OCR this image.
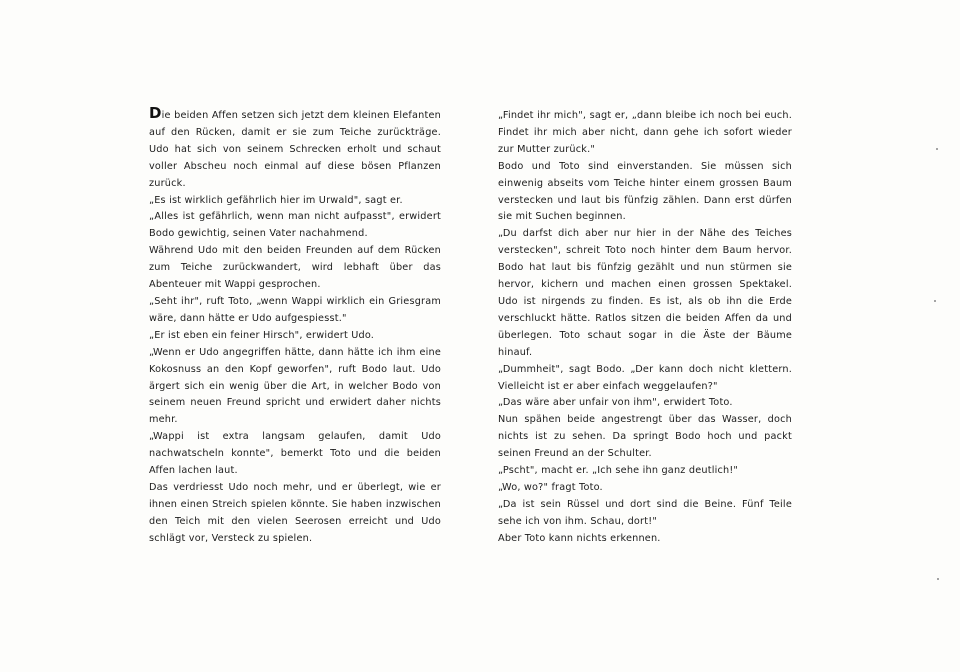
Die beiden Affen setzen sich jetzt dem kleinen Elefanten auf den Rücken, damit er sie zum Teiche zurückträge. Udo hat sich von seinem Schrecken erholt und schaut voller Abscheu noch einmal auf diese bösen Pflanzen zurück.

„Es ist wirklich gefährlich hier im Urwald", sagt er.

„Alles ist gefährlich, wenn man nicht aufpasst", erwidert Bodo gewichtig, seinen Vater nachahmend.

Während Udo mit den beiden Freunden auf dem Rücken zum Teiche zurückwandert, wird lebhaft über das Abenteuer mit Wappi gesprochen.

„Seht ihr", ruft Toto, „wenn Wappi wirklich ein Griesgram wäre, dann hätte er Udo aufgespiesst."

„Er ist eben ein feiner Hirsch", erwidert Udo.

„Wenn er Udo angegriffen hätte, dann hätte ich ihm eine Kokosnuss an den Kopf geworfen", ruft Bodo laut. Udo ärgert sich ein wenig über die Art, in welcher Bodo von seinem neuen Freund spricht und erwidert daher nichts mehr.

„Wappi ist extra langsam gelaufen, damit Udo nachwatscheln konnte", bemerkt Toto und die beiden Affen lachen laut.

Das verdriesst Udo noch mehr, und er überlegt, wie er ihnen einen Streich spielen könnte. Sie haben inzwischen den Teich mit den vielen Seerosen erreicht und Udo schlägt vor, Versteck zu spielen.

„Findet ihr mich", sagt er, „dann bleibe ich noch bei euch. Findet ihr mich aber nicht, dann gehe ich sofort wieder zur Mutter zurück."

Bodo und Toto sind einverstanden. Sie müssen sich einwenig abseits vom Teiche hinter einem grossen Baum verstecken und laut bis fünfzig zählen. Dann erst dürfen sie mit Suchen beginnen.

„Du darfst dich aber nur hier in der Nähe des Teiches verstecken", schreit Toto noch hinter dem Baum hervor. Bodo hat laut bis fünfzig gezählt und nun stürmen sie hervor, kichern und machen einen grossen Spektakel. Udo ist nirgends zu finden. Es ist, als ob ihn die Erde verschluckt hätte. Ratlos sitzen die beiden Affen da und überlegen. Toto schaut sogar in die Äste der Bäume hinauf.

„Dummheit", sagt Bodo. „Der kann doch nicht klettern. Vielleicht ist er aber einfach weggelaufen?"

„Das wäre aber unfair von ihm", erwidert Toto.

Nun spähen beide angestrengt über das Wasser, doch nichts ist zu sehen. Da springt Bodo hoch und packt seinen Freund an der Schulter.

„Pscht", macht er. „Ich sehe ihn ganz deutlich!"

„Wo, wo?" fragt Toto.

„Da ist sein Rüssel und dort sind die Beine. Fünf Teile sehe ich von ihm. Schau, dort!"

Aber Toto kann nichts erkennen.
